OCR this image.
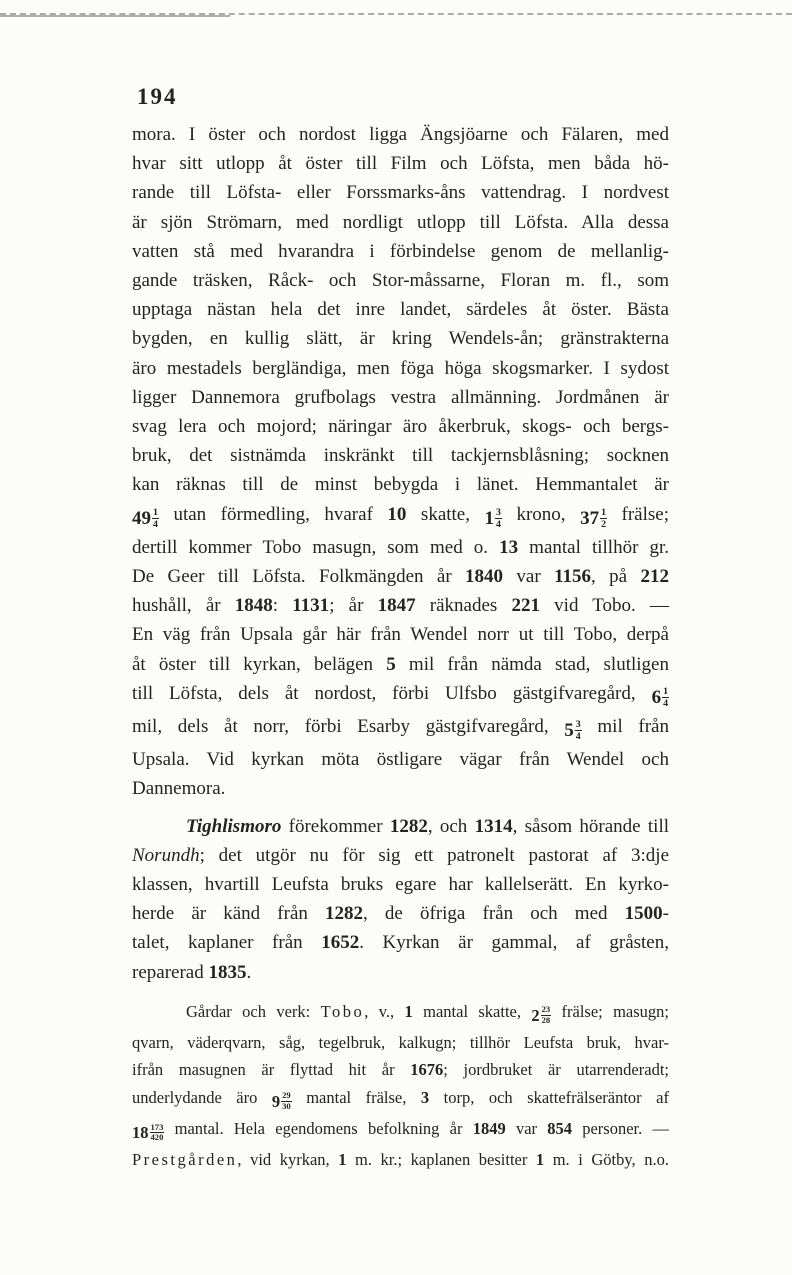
194
mora. I öster och nordost ligga Ängsjöarne och Fälaren, med
hvar sitt utlopp åt öster till Film och Löfsta, men båda hö-
rande till Löfsta- eller Forssmarks-åns vattendrag. I nordvest
är sjön Strömarn, med nordligt utlopp till Löfsta. Alla dessa
vatten stå med hvarandra i förbindelse genom de mellanlig-
gande träsken, Råck- och Stor-måssarne, Floran m. fl., som
upptaga nästan hela det inre landet, särdeles åt öster. Bästa
bygden, en kullig slätt, är kring Wendels-ån; gränstrakterna
äro mestadels bergländiga, men föga höga skogsmarker. I sydost
ligger Dannemora grufbolags vestra allmänning. Jordmånen är
svag lera och mojord; näringar äro åkerbruk, skogs- och bergs-
bruk, det sistnämda inskränkt till tackjernsblåsning; socknen
kan räknas till de minst bebygda i länet. Hemmantalet är
$49 \frac{1}{4}$ utan förmedling, hvaraf 10 skatte, $1 \frac{3}{4}$ krono, $37 \frac{1}{2}$ frälse;
dertill kommer Tobo masugn, som med o. 13 mantal tillhör gr.
De Geer till Löfsta. Folkmängden år 1840 var 1156, på 212
hushåll, år 1848: 1131; år 1847 räknades 221 vid Tobo. —
En väg från Upsala går här från Wendel norr ut till Tobo, derpå
åt öster till kyrkan, belägen 5 mil från nämda stad, slutligen
till Löfsta, dels åt nordost, förbi Ulfsbo gästgifvaregård, $6 \frac{1}{4}$
mil, dels åt norr, förbi Esarby gästgifvaregård, $5 \frac{3}{4}$ mil från
Upsala. Vid kyrkan möta östligare vägar från Wendel och
Dannemora.
Tighlismoro förekommer 1282, och 1314, såsom hörande till
Norundh; det utgör nu för sig ett patronelt pastorat af 3:dje
klassen, hvartill Leufsta bruks egare har kallelserätt. En kyrko-
herde är känd från 1282, de öfriga från och med 1500-
talet, kaplaner från 1652. Kyrkan är gammal, af gråsten,
reparerad 1835.
Gårdar och verk: Tobo, v., 1 mantal skatte, $2 \frac{23}{28}$ frälse; masugn;
qvarn, väderqvarn, såg, tegelbruk, kalkugn; tillhör Leufsta bruk, hvar-
ifrån masugnen är flyttad hit år 1676; jordbruket är utarrenderadt;
underlydande äro $9 \frac{29}{30}$ mantal frälse, 3 torp, och skattefrälseräntor af
$18 \frac{173}{420}$ mantal. Hela egendomens befolkning år 1849 var 854 personer. —
Prestgården, vid kyrkan, 1 m. kr.; kaplanen besitter 1 m. i Götby, n.o.
